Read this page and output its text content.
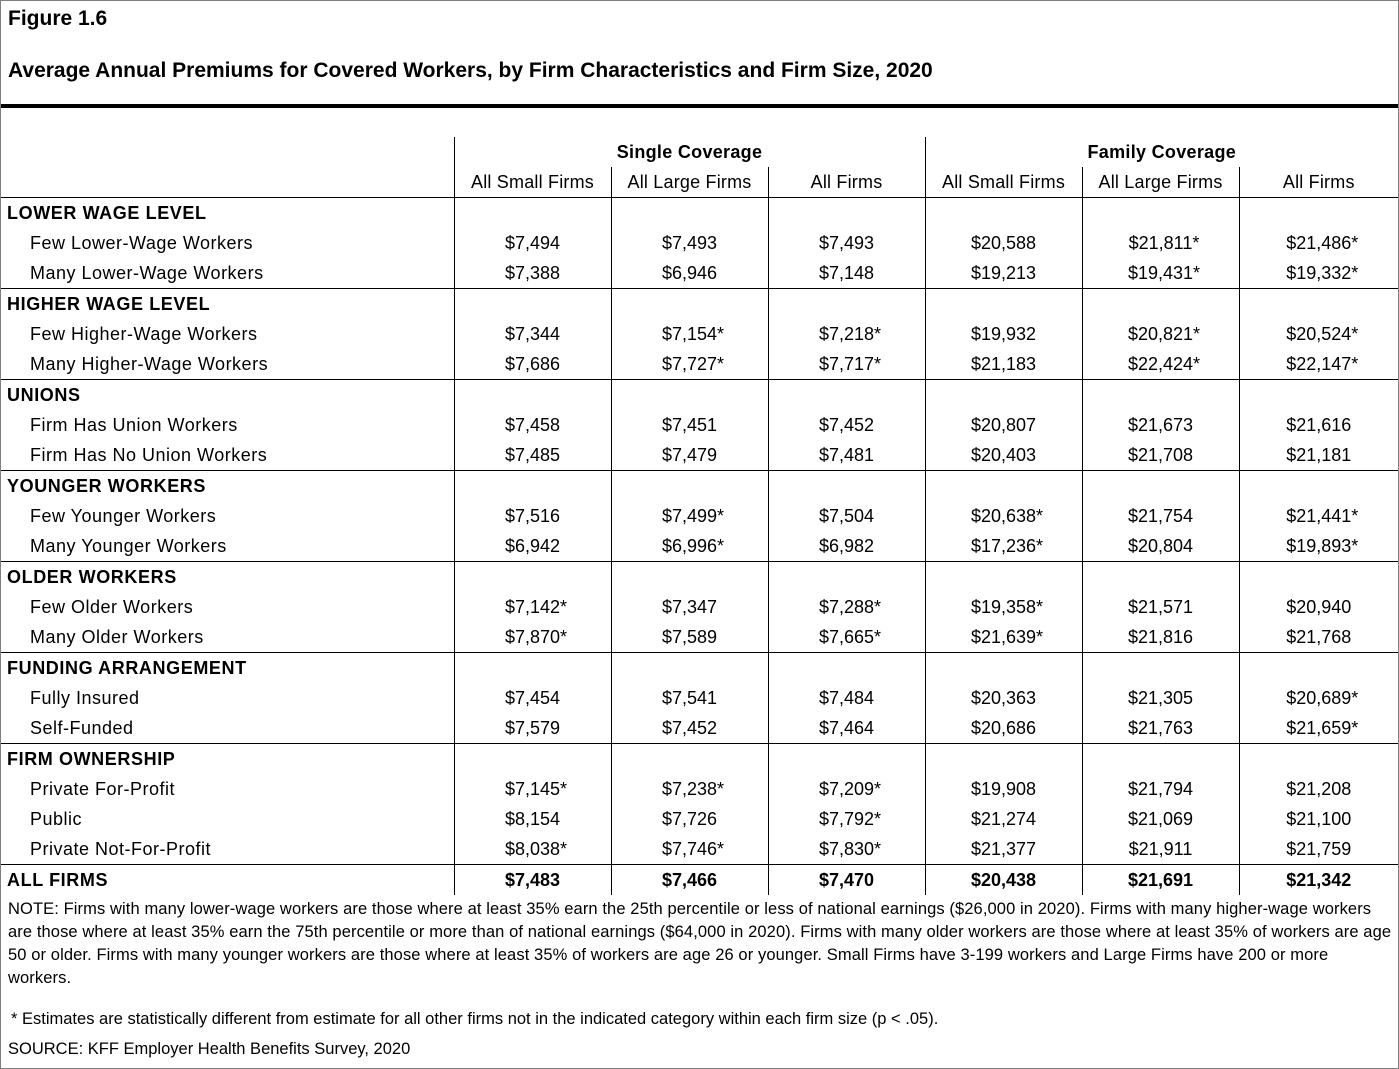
Figure 1.6
Average Annual Premiums for Covered Workers, by Firm Characteristics and Firm Size, 2020
	Single Coverage			Family Coverage		
	All Small Firms	All Large Firms	All Firms	All Small Firms	All Large Firms	All Firms
LOWER WAGE LEVEL						
Few Lower-Wage Workers	$7,494	$7,493	$7,493	$20,588	$21,811 *	$21,486 *

Many Lower-Wage Workers	$7,388	$6,946	$7,148	$19,213	$19,431 *	$19,332 *

HIGHER WAGE LEVEL						
Few Higher-Wage Workers	$7,344	$7,154 *	$7,218 *	$19,932	$20,821 *	$20,524 *

Many Higher-Wage Workers	$7,686	$7,727 *	$7,717 *	$21,183	$22,424 *	$22,147 *

UNIONS						
Firm Has Union Workers	$7,458	$7,451	$7,452	$20,807	$21,673	$21,616
Firm Has No Union Workers	$7,485	$7,479	$7,481	$20,403	$21,708	$21,181
YOUNGER WORKERS						
Few Younger Workers	$7,516	$7,499 *	$7,504	$20,638 *	$21,754	$21,441 *

Many Younger Workers	$6,942	$6,996 *	$6,982	$17,236 *	$20,804	$19,893 *

OLDER WORKERS						
Few Older Workers	$7,142 *	$7,347	$7,288 *	$19,358 *	$21,571	$20,940
Many Older Workers	$7,870 *	$7,589	$7,665 *	$21,639 *	$21,816	$21,768
FUNDING ARRANGEMENT						
Fully Insured	$7,454	$7,541	$7,484	$20,363	$21,305	$20,689 *

Self-Funded	$7,579	$7,452	$7,464	$20,686	$21,763	$21,659 *

FIRM OWNERSHIP						
Private For-Profit	$7,145 *	$7,238 *	$7,209 *	$19,908	$21,794	$21,208
Public	$8,154	$7,726	$7,792 *	$21,274	$21,069	$21,100
Private Not-For-Profit	$8,038 *	$7,746 *	$7,830 *	$21,377	$21,911	$21,759
ALL FIRMS	$7,483	$7,466	$7,470	$20,438	$21,691	$21,342
NOTE: Firms with many lower-wage workers are those where at least 35% earn the 25th percentile or less of national earnings ($26,000 in 2020). Firms with many higher-wage workers are those where at least 35% earn the 75th percentile or more than of national earnings ($64,000 in 2020). Firms with many older workers are those where at least 35% of workers are age 50 or older. Firms with many younger workers are those where at least 35% of workers are age 26 or younger. Small Firms have 3-199 workers and Large Firms have 200 or more workers.
* Estimates are statistically different from estimate for all other firms not in the indicated category within each firm size (p < .05).
SOURCE: KFF Employer Health Benefits Survey, 2020
